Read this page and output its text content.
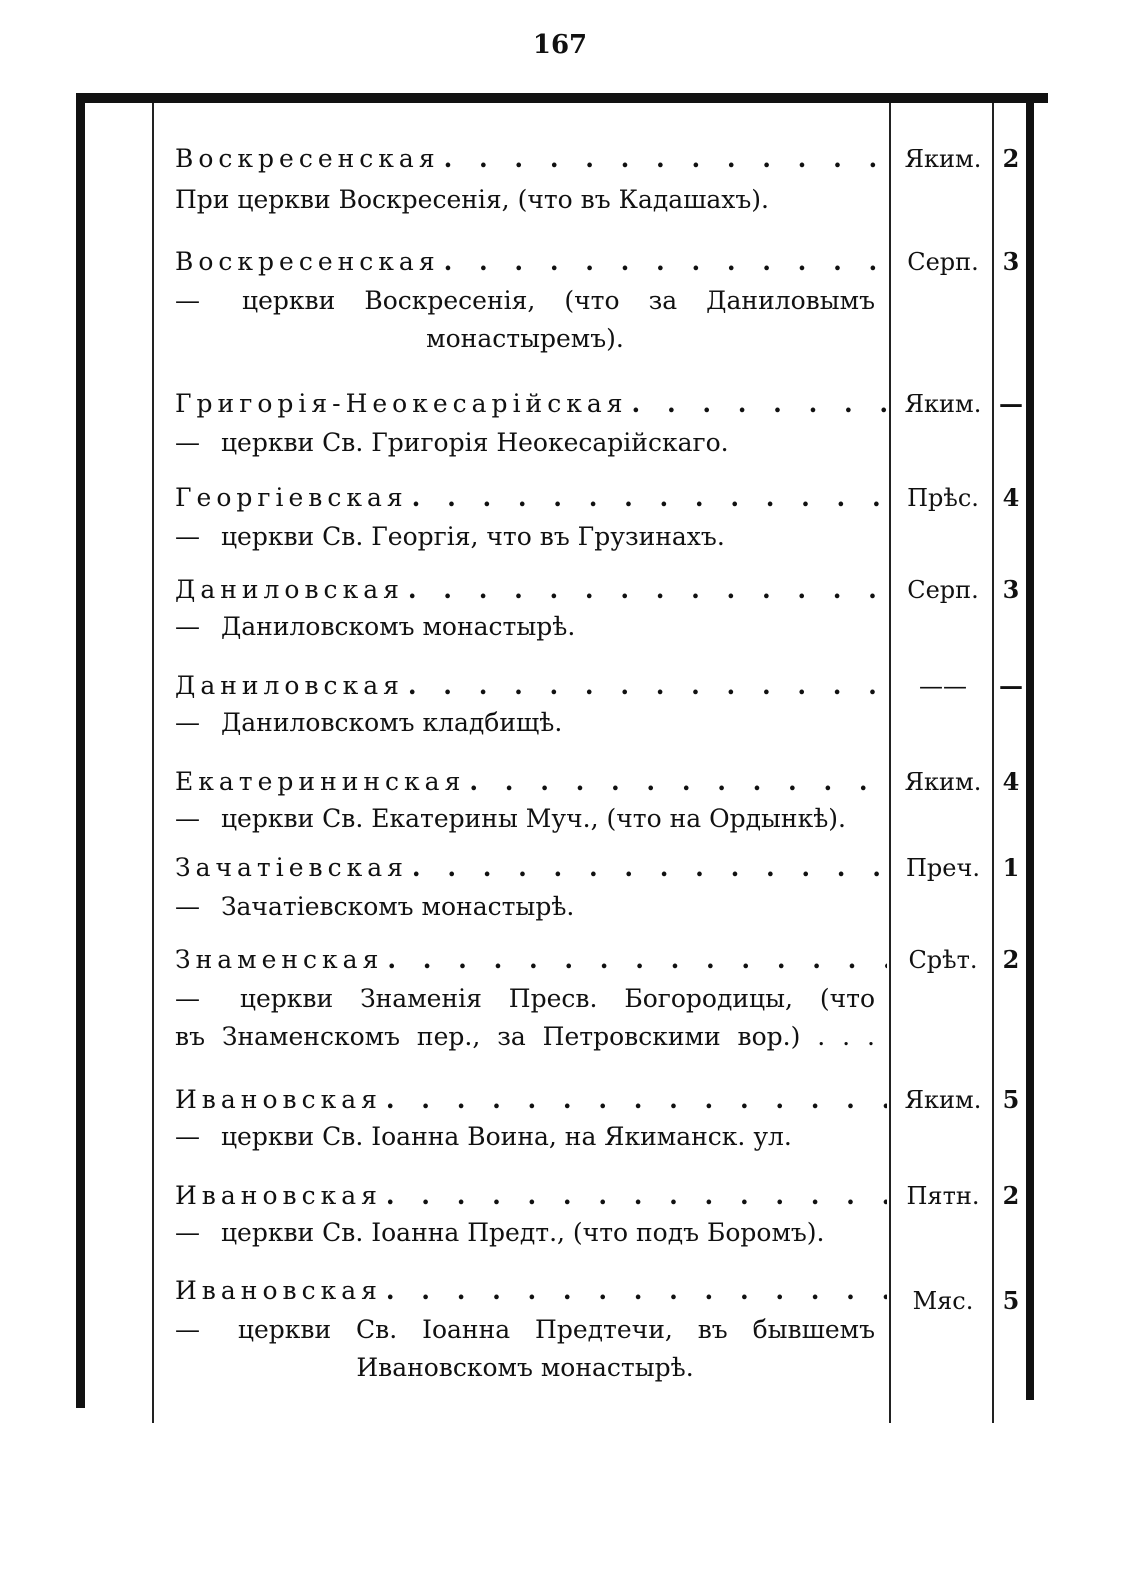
167
Воскресенская . . .	Яким. 2
При церкви Воскресенія, (что въ Кадашахъ).
Воскресенская . . .	Серп. 3
— церкви Воскресенія, (что за Даниловымъ
монастыремъ).
Григорія-Неокесарійская . . .	Яким. —
— церкви Св. Григорія Неокесарійскаго.
Георгіевская . . .	Прѣс. 4
— церкви Св. Георгія, что въ Грузинахъ.
Даниловская . . .	Серп. 3
— Даниловскомъ монастырѣ.
Даниловская . . .	——	—
— Даниловскомъ кладбищѣ.
Екатерининская . . .	Яким. 4
— церкви Св. Екатерины Муч., (что на Ордынкѣ).
Зачатіевская . . .	Преч. 1
— Зачатіевскомъ монастырѣ.
Знаменская . . .	Срѣт.	2
— церкви Знаменія Пресв. Богородицы, (что
въ Знаменскомъ пер., за Петровскими вор.) . . .
Ивановская . . .	Яким. 5
— церкви Св. Іоанна Воина, на Якиманск. ул.
Ивановская . . .	Пятн. 2
— церкви Св. Іоанна Предт., (что подъ Боромъ).
Ивановская . . .	Мяс.	5
— церкви Св. Іоанна Предтечи, въ бывшемъ
Ивановскомъ монастырѣ.
